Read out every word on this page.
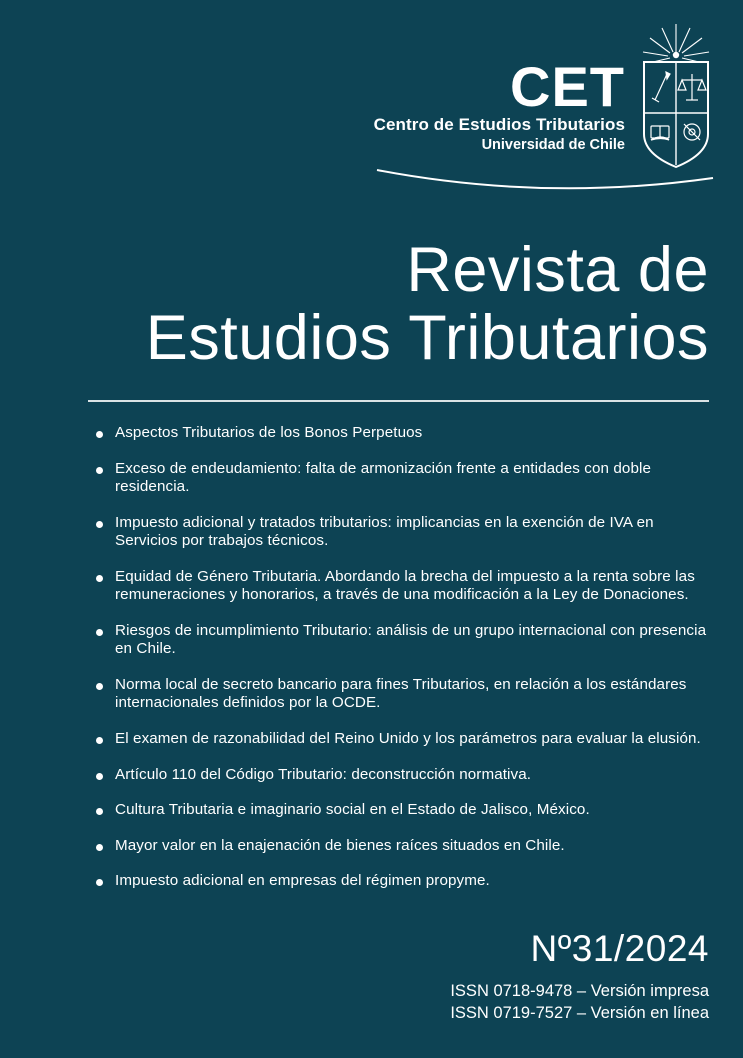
CET
Centro de Estudios Tributarios
Universidad de Chile
Revista de
Estudios Tributarios
Aspectos Tributarios de los Bonos Perpetuos
Exceso de endeudamiento: falta de armonización frente a entidades con doble residencia.
Impuesto adicional y tratados tributarios: implicancias en la exención de IVA en Servicios por trabajos técnicos.
Equidad de Género Tributaria. Abordando la brecha del impuesto a la renta sobre las remuneraciones y honorarios, a través de una modificación a la Ley de Donaciones.
Riesgos de incumplimiento Tributario: análisis de un grupo internacional con presencia en Chile.
Norma local de secreto bancario para fines Tributarios, en relación a los estándares internacionales definidos por la OCDE.
El examen de razonabilidad del Reino Unido y los parámetros para evaluar la elusión.
Artículo 110 del Código Tributario: deconstrucción normativa.
Cultura Tributaria e imaginario social en el Estado de Jalisco, México.
Mayor valor en la enajenación de bienes raíces situados en Chile.
Impuesto adicional en empresas del régimen propyme.
Nº31/2024
ISSN 0718-9478 – Versión impresa
ISSN 0719-7527 – Versión en línea
